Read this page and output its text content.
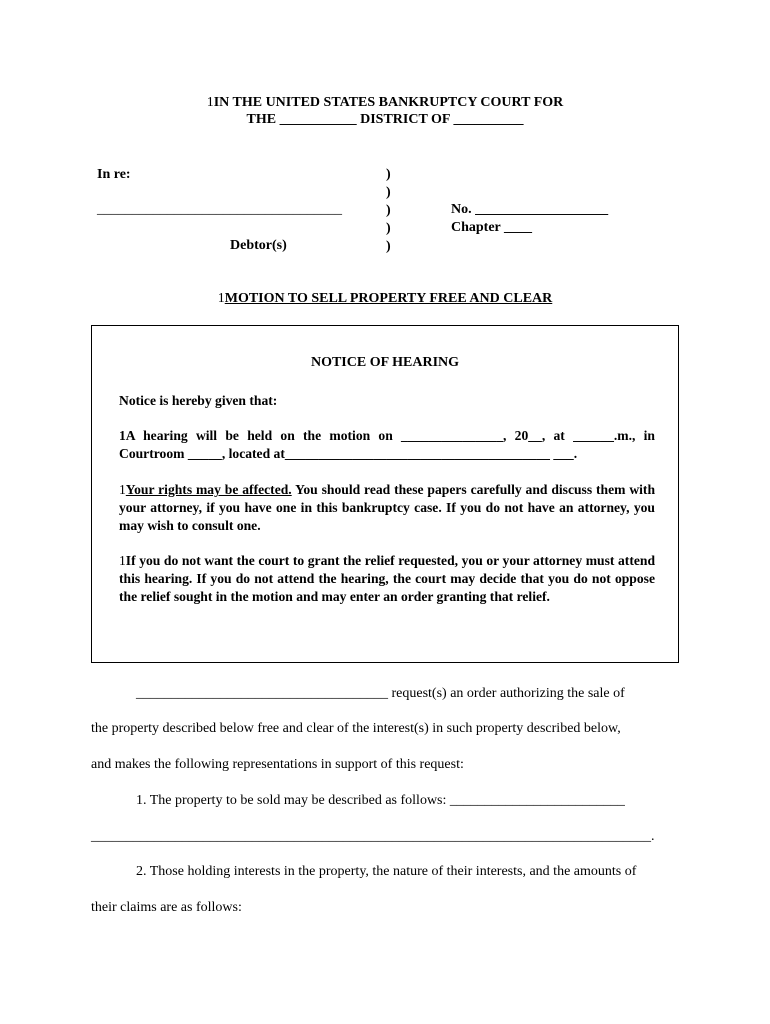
1IN THE UNITED STATES BANKRUPTCY COURT FOR
THE ___________ DISTRICT OF __________
In re:
___________________________________
Debtor(s)
)
)
)
)
)
No. ___________________
Chapter ____
1MOTION TO SELL PROPERTY FREE AND CLEAR
NOTICE OF HEARING
Notice is hereby given that:
1A hearing will be held on the motion on _______________, 20__, at ______.m., in Courtroom _____, located at_______________________________________ ___.
1Your rights may be affected. You should read these papers carefully and discuss them with your attorney, if you have one in this bankruptcy case. If you do not have an attorney, you may wish to consult one.
1If you do not want the court to grant the relief requested, you or your attorney must attend this hearing. If you do not attend the hearing, the court may decide that you do not oppose the relief sought in the motion and may enter an order granting that relief.
____________________________________ request(s) an order authorizing the sale of
the property described below free and clear of the interest(s) in such property described below,
and makes the following representations in support of this request:
1. The property to be sold may be described as follows: _________________________
________________________________________________________________________________.
2. Those holding interests in the property, the nature of their interests, and the amounts of
their claims are as follows:
